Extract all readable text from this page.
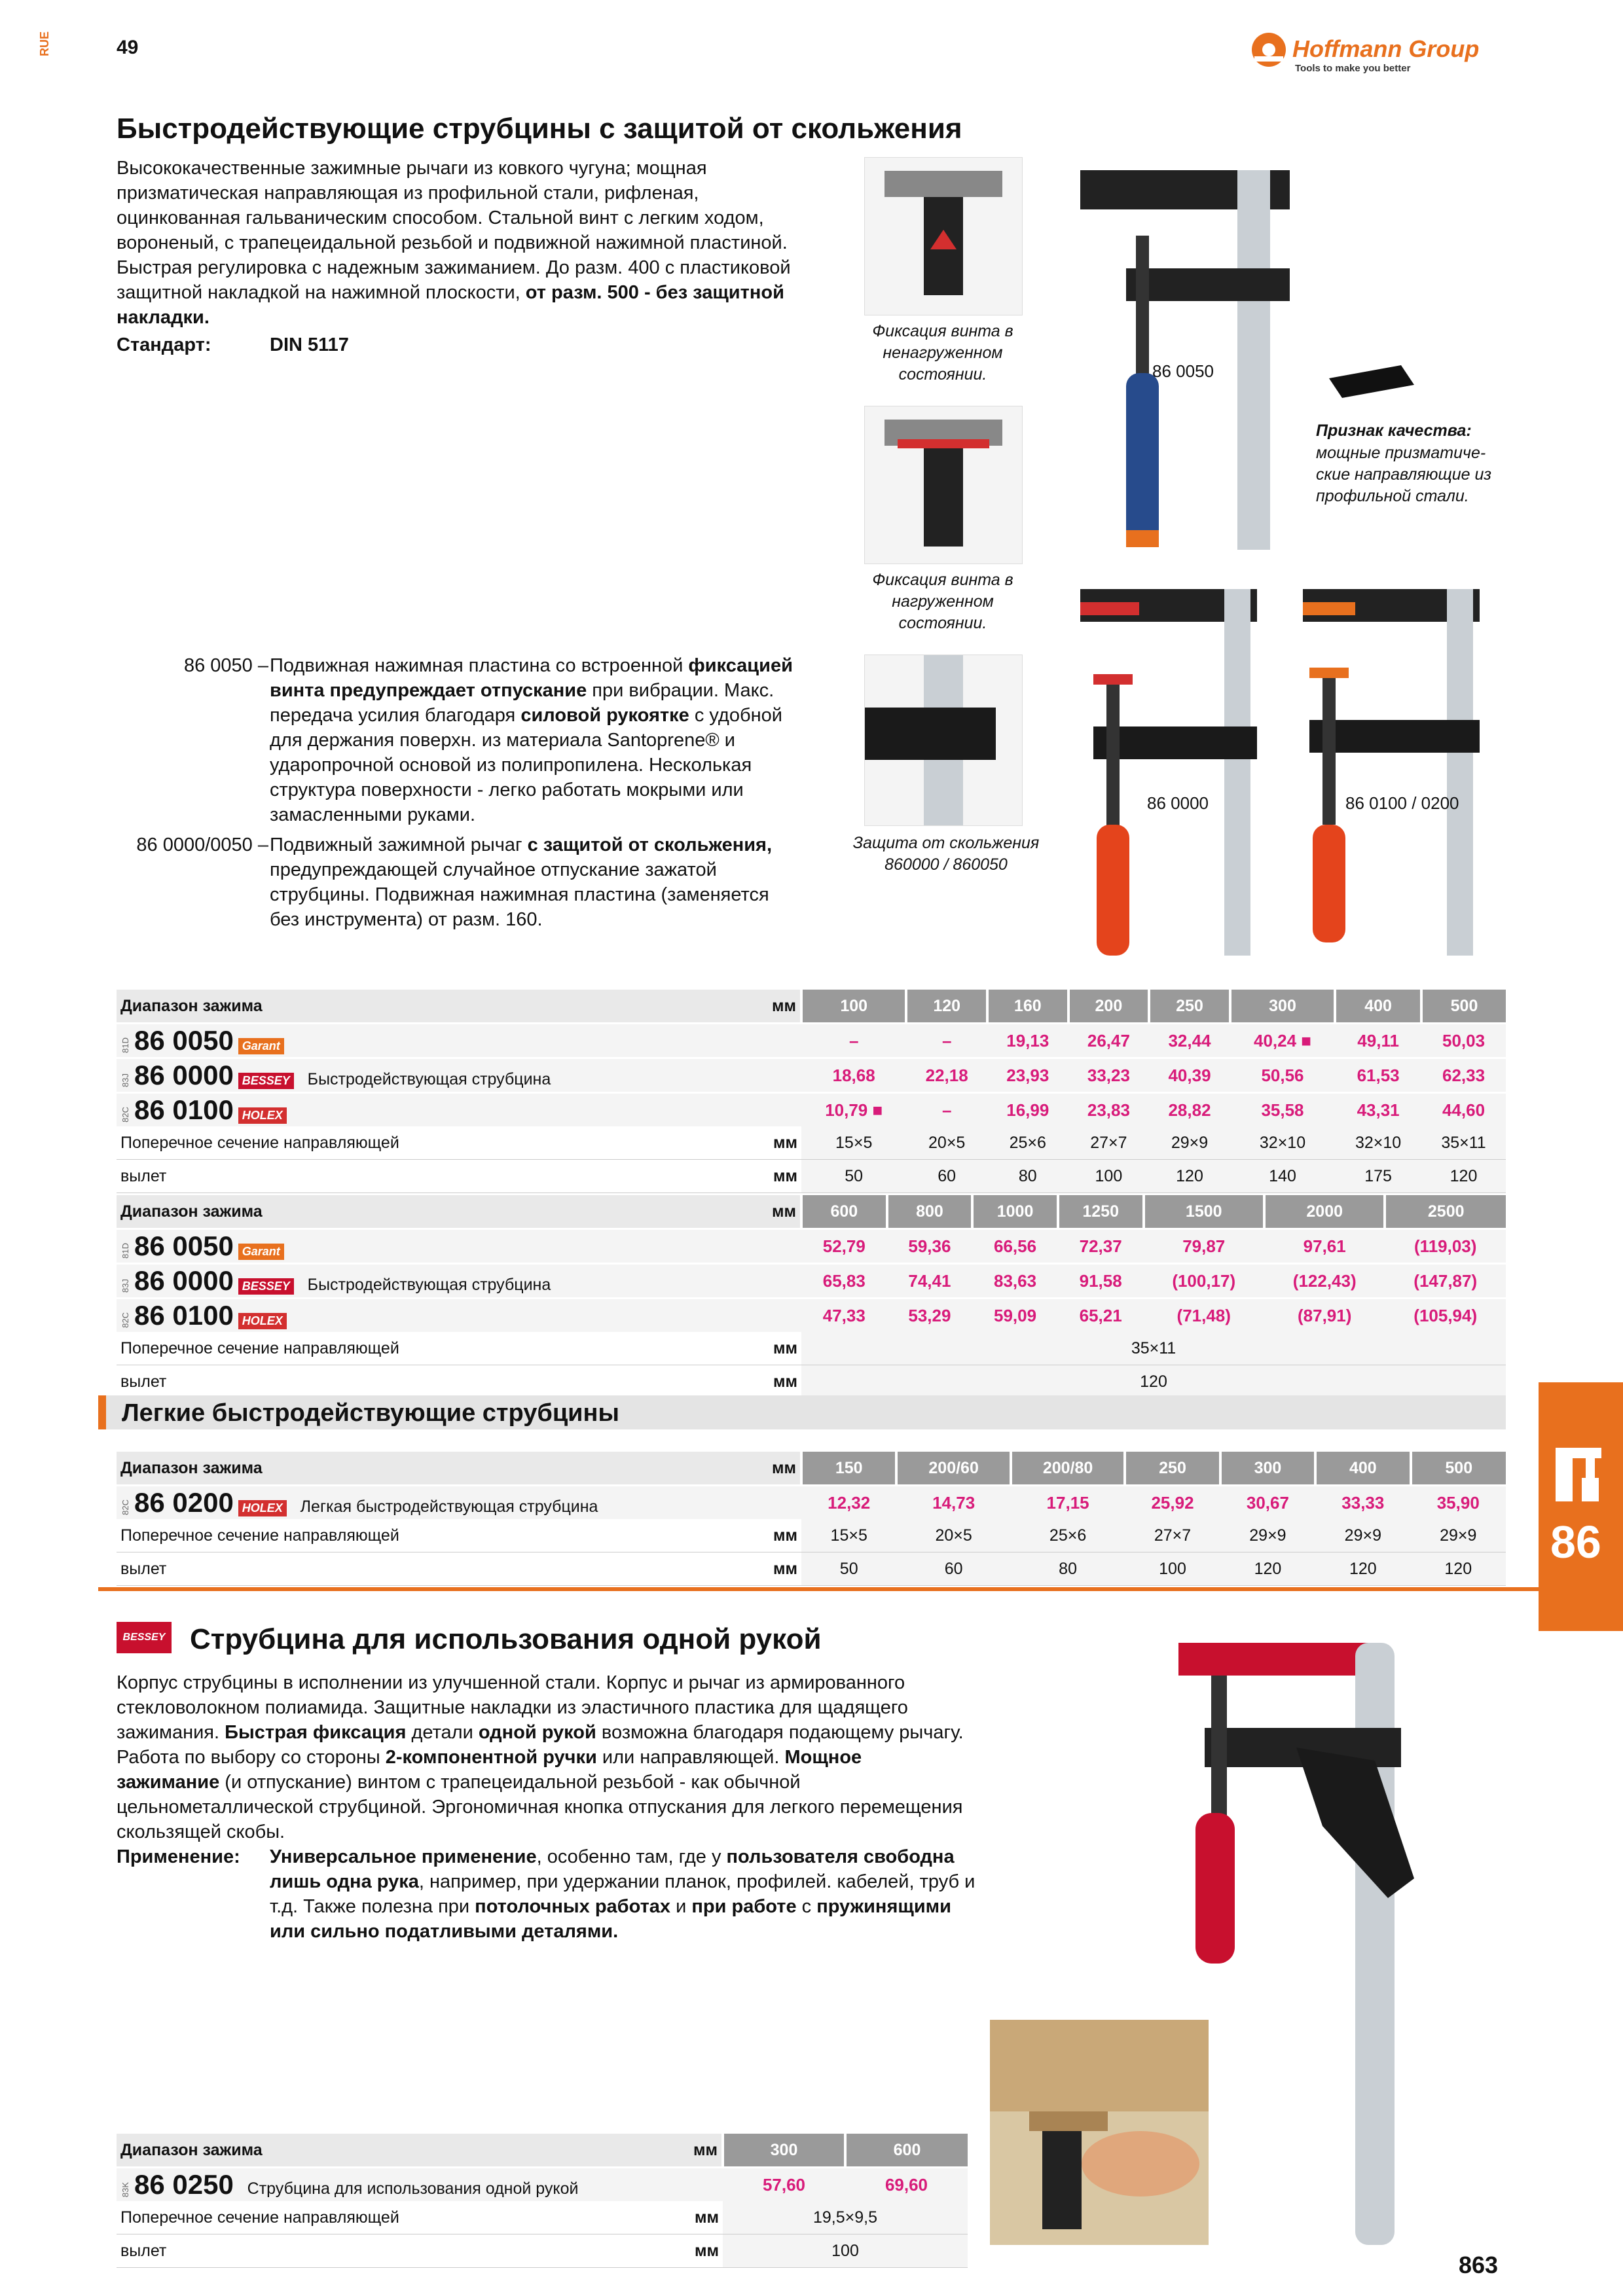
RUE	49	Hoffmann Group
Tools to make you better
Быстродействующие струбцины с защитой от скольжения
Высококачественные зажимные рычаги из ковкого чугуна; мощная призматическая направляющая из профильной стали, рифленая, оцинкованная гальваническим способом. Стальной винт с легким ходом, вороненый, с трапецеидальной резьбой и подвижной нажимной пластиной. Быстрая регулировка с надежным зажиманием. До разм. 400 с пластиковой защитной накладкой на нажимной плоскости, от разм. 500 - без защитной накладки.
Стандарт:	DIN 5117
Фиксация винта в ненагруженном состоянии.
Фиксация винта в нагруженном состоянии.
86 0050
Признак качества:
мощные призматиче-ские направляющие из профильной стали.
Защита от скольжения 860000 / 860050
86 0000	86 0100 / 0200
86 0050 – Подвижная нажимная пластина со встроенной фиксацией винта предупреждает отпускание при вибрации. Макс. передача усилия благодаря силовой рукоятке с удобной для держания поверхн. из материала Santoprene® и ударопрочной основой из полипропилена. Несколькая структура поверхности - легко работать мокрыми или замасленными руками.
86 0000/0050 – Подвижный зажимной рычаг с защитой от скольжения, предупреждающей случайное отпускание зажатой струбцины. Подвижная нажимная пластина (заменяется без инструмента) от разм. 160.
Диапазон зажима	мм	100	120	160	200	250	300	400	500
81D 86 0050 Garant		–	–	19,13	26,47	32,44	40,24 ■	49,11	50,03
83J 86 0000 BESSEY Быстродействующая струбцина		18,68	22,18	23,93	33,23	40,39	50,56	61,53	62,33
82C 86 0100 HOLEX		10,79 ■	–	16,99	23,83	28,82	35,58	43,31	44,60
Поперечное сечение направляющей	мм	15×5	20×5	25×6	27×7	29×9	32×10	32×10	35×11
вылет	мм	50	60	80	100	120	140	175	120
Диапазон зажима	мм	600	800	1000	1250	1500	2000	2500
81D 86 0050 Garant		52,79	59,36	66,56	72,37	79,87	97,61	(119,03)
83J 86 0000 BESSEY Быстродействующая струбцина		65,83	74,41	83,63	91,58	(100,17)	(122,43)	(147,87)
82C 86 0100 HOLEX		47,33	53,29	59,09	65,21	(71,48)	(87,91)	(105,94)
Поперечное сечение направляющей	мм	35×11						
вылет	мм	120						
Легкие быстродействующие струбцины
Диапазон зажима	мм	150	200/60	200/80	250	300	400	500
82C 86 0200 HOLEX Легкая быстродействующая струбцина		12,32	14,73	17,15	25,92	30,67	33,33	35,90
Поперечное сечение направляющей	мм	15×5	20×5	25×6	27×7	29×9	29×9	29×9
вылет	мм	50	60	80	100	120	120	120
86
BESSEY Струбцина для использования одной рукой
Корпус струбцины в исполнении из улучшенной стали. Корпус и рычаг из армированного стекловолокном полиамида. Защитные накладки из эластичного пластика для щадящего зажимания. Быстрая фиксация детали одной рукой возможна благодаря подающему рычагу. Работа по выбору со стороны 2-компонентной ручки или направляющей. Мощное зажимание (и отпускание) винтом с трапецеидальной резьбой - как обычной цельнометаллической струбциной. Эргономичная кнопка отпускания для легкого перемещения скользящей скобы.
Применение: Универсальное применение, особенно там, где у пользователя свободна лишь одна рука, например, при удержании планок, профилей. кабелей, труб и т.д. Также полезна при потолочных работах и при работе с пружинящими или сильно податливыми деталями.
Диапазон зажима	мм	300	600
83K 86 0250 Струбцина для использования одной рукой		57,60	69,60
Поперечное сечение направляющей	мм	19,5×9,5	
вылет	мм	100	
863
